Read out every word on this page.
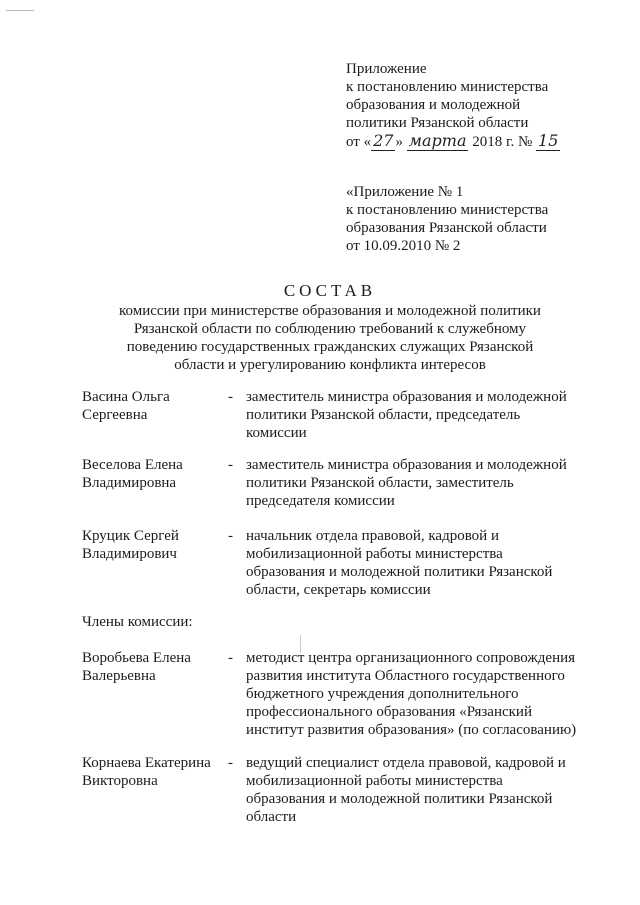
Приложение
к постановлению министерства
образования и молодежной
политики Рязанской области
от « 27 » марта 2018 г. № 15
«Приложение № 1
к постановлению министерства
образования Рязанской области
от 10.09.2010 № 2
СОСТАВ
комиссии при министерстве образования и молодежной политики
Рязанской области по соблюдению требований к служебному
поведению государственных гражданских служащих Рязанской
области и урегулированию конфликта интересов
Васина Ольга
Сергеевна
- заместитель министра образования и молодежной
политики Рязанской области, председатель
комиссии
Веселова Елена
Владимировна
- заместитель министра образования и молодежной
политики Рязанской области, заместитель
председателя комиссии
Круцик Сергей
Владимирович
- начальник отдела правовой, кадровой и
мобилизационной работы министерства
образования и молодежной политики Рязанской
области, секретарь комиссии
Члены комиссии:
Воробьева Елена
Валерьевна
- методист центра организационного сопровождения
развития института Областного государственного
бюджетного учреждения дополнительного
профессионального образования «Рязанский
институт развития образования» (по согласованию)
Корнаева Екатерина
Викторовна
- ведущий специалист отдела правовой, кадровой и
мобилизационной работы министерства
образования и молодежной политики Рязанской
области
